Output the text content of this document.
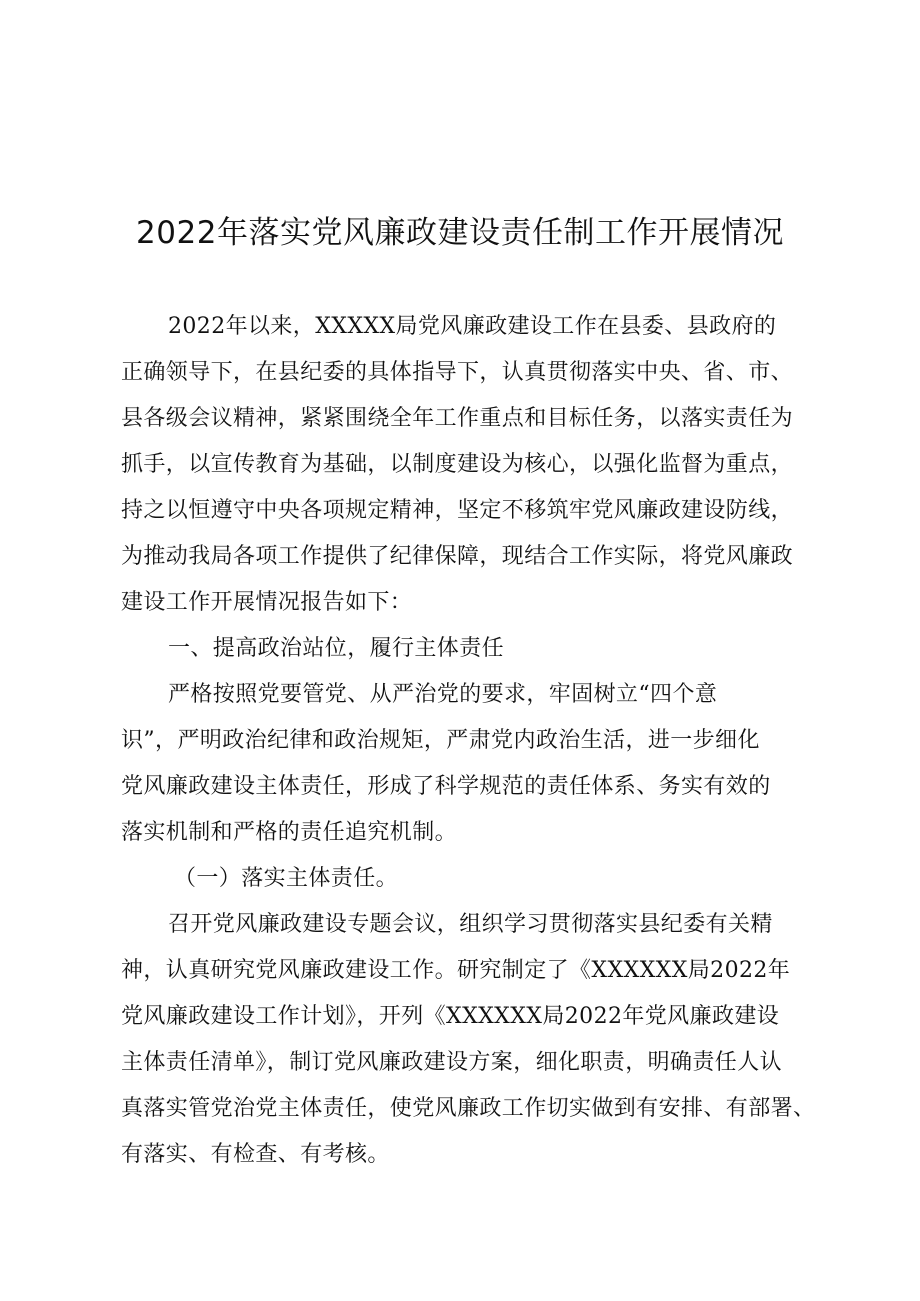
2022年落实党风廉政建设责任制工作开展情况
2022年以来，XXXXX局党风廉政建设工作在县委、县政府的
正确领导下，在县纪委的具体指导下，认真贯彻落实中央、省、市、
县各级会议精神，紧紧围绕全年工作重点和目标任务，以落实责任为
抓手，以宣传教育为基础，以制度建设为核心，以强化监督为重点，
持之以恒遵守中央各项规定精神，坚定不移筑牢党风廉政建设防线，
为推动我局各项工作提供了纪律保障，现结合工作实际，将党风廉政
建设工作开展情况报告如下：
一、提高政治站位，履行主体责任
严格按照党要管党、从严治党的要求，牢固树立“四个意
识”，严明政治纪律和政治规矩，严肃党内政治生活，进一步细化
党风廉政建设主体责任，形成了科学规范的责任体系、务实有效的
落实机制和严格的责任追究机制。
（一）落实主体责任。
召开党风廉政建设专题会议，组织学习贯彻落实县纪委有关精
神，认真研究党风廉政建设工作。研究制定了《XXXXXX局2022年
党风廉政建设工作计划》，开列《XXXXXX局2022年党风廉政建设
主体责任清单》，制订党风廉政建设方案，细化职责，明确责任人认
真落实管党治党主体责任，使党风廉政工作切实做到有安排、有部署、
有落实、有检查、有考核。
